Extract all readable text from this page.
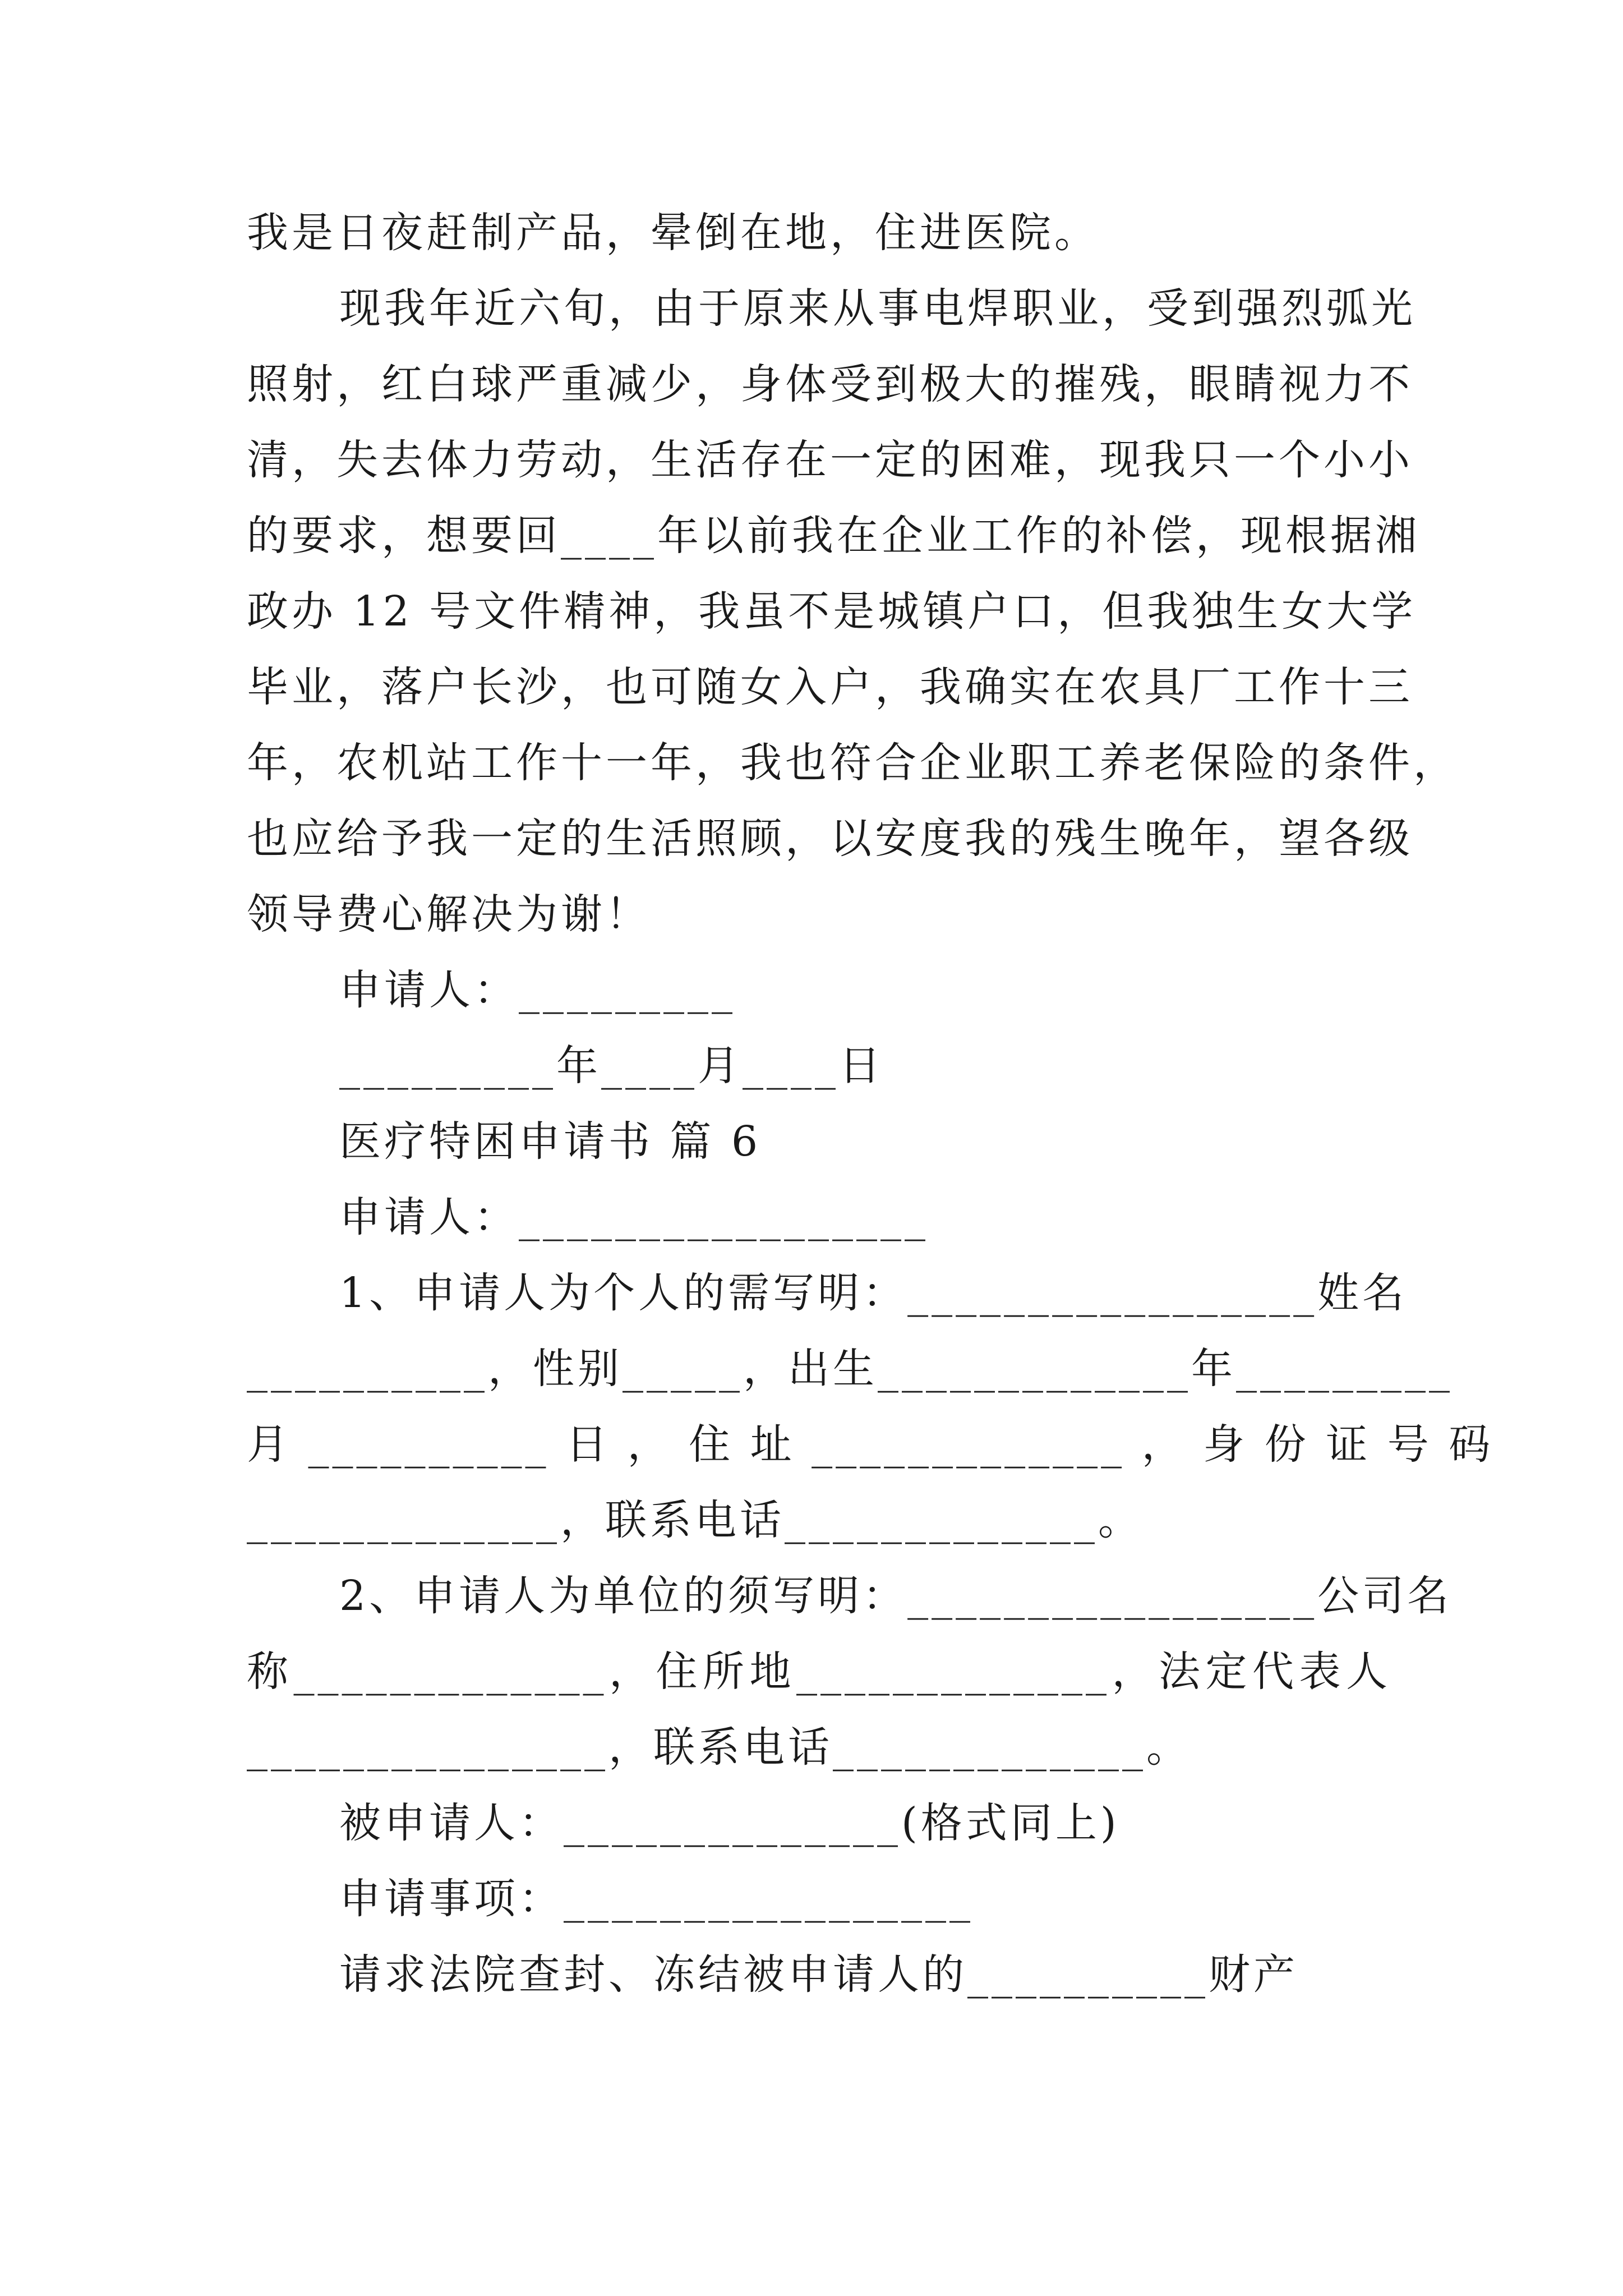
我是日夜赶制产品，晕倒在地，住进医院。
现我年近六旬，由于原来从事电焊职业，受到强烈弧光
照射，红白球严重减少，身体受到极大的摧残，眼睛视力不
清，失去体力劳动，生活存在一定的困难，现我只一个小小
的要求，想要回____年以前我在企业工作的补偿，现根据湘
政办 12 号文件精神，我虽不是城镇户口，但我独生女大学
毕业，落户长沙，也可随女入户，我确实在农具厂工作十三
年，农机站工作十一年，我也符合企业职工养老保险的条件，
也应给予我一定的生活照顾，以安度我的残生晚年，望各级
领导费心解决为谢！
申请人：_________
_________年____月____日
医疗特困申请书 篇 6
申请人：_________________
1、申请人为个人的需写明：_________________姓名
__________，性别_____，出生_____________年_________
月 __________ 日 ， 住 址 _____________ ， 身 份 证 号 码
_____________，联系电话_____________。
2、申请人为单位的须写明：_________________公司名
称_____________，住所地_____________，法定代表人
_______________，联系电话_____________。
被申请人：______________(格式同上)
申请事项：_________________
请求法院查封、冻结被申请人的__________财产
